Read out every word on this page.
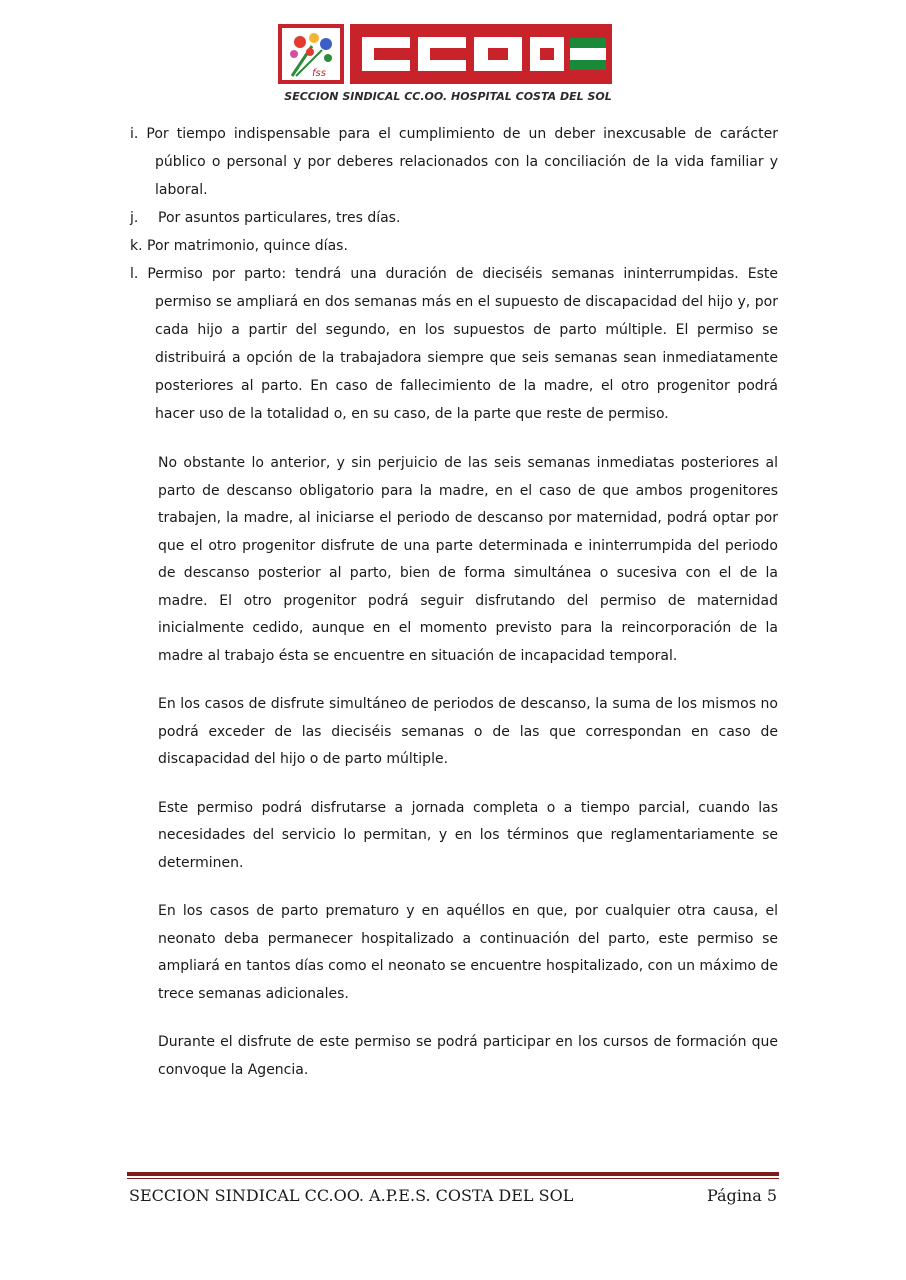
fss
CCOO
SECCION SINDICAL CC.OO. HOSPITAL COSTA DEL SOL

i. Por tiempo indispensable para el cumplimiento de un deber inexcusable de carácter público o personal y por deberes relacionados con la conciliación de la vida familiar y laboral.

j. Por asuntos particulares, tres días.

k. Por matrimonio, quince días.

l. Permiso por parto: tendrá una duración de dieciséis semanas ininterrumpidas. Este permiso se ampliará en dos semanas más en el supuesto de discapacidad del hijo y, por cada hijo a partir del segundo, en los supuestos de parto múltiple. El permiso se distribuirá a opción de la trabajadora siempre que seis semanas sean inmediatamente posteriores al parto. En caso de fallecimiento de la madre, el otro progenitor podrá hacer uso de la totalidad o, en su caso, de la parte que reste de permiso.

No obstante lo anterior, y sin perjuicio de las seis semanas inmediatas posteriores al parto de descanso obligatorio para la madre, en el caso de que ambos progenitores trabajen, la madre, al iniciarse el periodo de descanso por maternidad, podrá optar por que el otro progenitor disfrute de una parte determinada e ininterrumpida del periodo de descanso posterior al parto, bien de forma simultánea o sucesiva con el de la madre. El otro progenitor podrá seguir disfrutando del permiso de maternidad inicialmente cedido, aunque en el momento previsto para la reincorporación de la madre al trabajo ésta se encuentre en situación de incapacidad temporal.

En los casos de disfrute simultáneo de periodos de descanso, la suma de los mismos no podrá exceder de las dieciséis semanas o de las que correspondan en caso de discapacidad del hijo o de parto múltiple.

Este permiso podrá disfrutarse a jornada completa o a tiempo parcial, cuando las necesidades del servicio lo permitan, y en los términos que reglamentariamente se determinen.

En los casos de parto prematuro y en aquéllos en que, por cualquier otra causa, el neonato deba permanecer hospitalizado a continuación del parto, este permiso se ampliará en tantos días como el neonato se encuentre hospitalizado, con un máximo de trece semanas adicionales.

Durante el disfrute de este permiso se podrá participar en los cursos de formación que convoque la Agencia.

SECCION SINDICAL CC.OO. A.P.E.S. COSTA DEL SOL	Página 5
